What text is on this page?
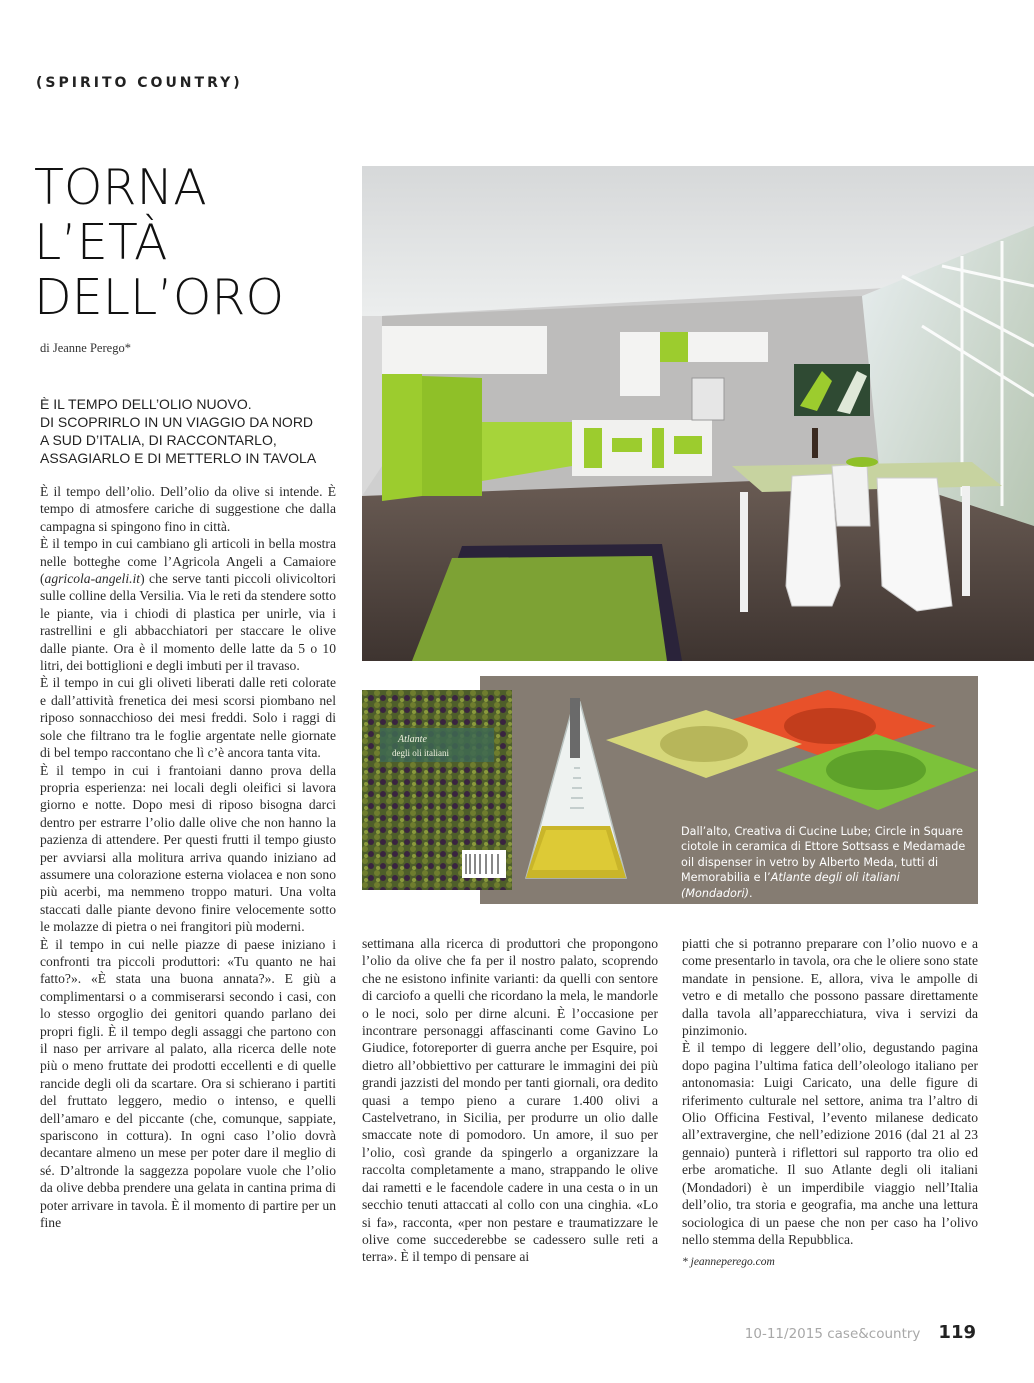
(SPIRITO COUNTRY)
TORNA
L’ETÀ
DELL’ORO
di Jeanne Perego*
È IL TEMPO DELL’OLIO NUOVO.
DI SCOPRIRLO IN UN VIAGGIO DA NORD
A SUD D’ITALIA, DI RACCONTARLO,
ASSAGIARLO E DI METTERLO IN TAVOLA
Atlante
degli oli italiani
Dall’alto, Creativa di Cucine Lube; Circle in Square ciotole in ceramica di Ettore Sottsass e Medamade oil dispenser in vetro by Alberto Meda, tutti di Memorabilia e l’Atlante degli oli italiani (Mondadori).

È il tempo dell’olio. Dell’olio da olive si intende. È tempo di atmosfere cariche di suggestione che dalla campagna si spingono fino in città.

È il tempo in cui cambiano gli articoli in bella mostra nelle botteghe come l’Agricola Angeli a Camaiore (agricola-angeli.it) che serve tanti piccoli olivicoltori sulle colline della Versilia. Via le reti da stendere sotto le piante, via i chiodi di plastica per unirle, via i rastrellini e gli abbacchiatori per staccare le olive dalle piante. Ora è il momento delle latte da 5 o 10 litri, dei bottiglioni e degli imbuti per il travaso.

È il tempo in cui gli oliveti liberati dalle reti colorate e dall’attività frenetica dei mesi scorsi piombano nel riposo sonnacchioso dei mesi freddi. Solo i raggi di sole che filtrano tra le foglie argentate nelle giornate di bel tempo raccontano che lì c’è ancora tanta vita.

È il tempo in cui i frantoiani danno prova della propria esperienza: nei locali degli oleifici si lavora giorno e notte. Dopo mesi di riposo bisogna darci dentro per estrarre l’olio dalle olive che non hanno la pazienza di attendere. Per questi frutti il tempo giusto per avviarsi alla molitura arriva quando iniziano ad assumere una colorazione esterna violacea e non sono più acerbi, ma nemmeno troppo maturi. Una volta staccati dalle piante devono finire velocemente sotto le molazze di pietra o nei frangitori più moderni.

È il tempo in cui nelle piazze di paese iniziano i confronti tra piccoli produttori: «Tu quanto ne hai fatto?». «È stata una buonа annata?». E giù a complimentarsi o a commiserarsi secondo i casi, con lo stesso orgoglio dei genitori quando parlano dei propri figli. È il tempo degli assaggi che partono con il naso per arrivare al palato, alla ricerca delle note più o meno fruttate dei prodotti eccellenti e di quelle rancide degli oli da scartare. Ora si schierano i partiti del fruttato leggero, medio o intenso, e quelli dell’amaro e del piccante (che, comunque, sappiate, spariscono in cottura). In ogni caso l’olio dovrà decantare almeno un mese per poter dare il meglio di sé. D’altronde la saggezza popolare vuole che l’olio da olive debba prendere una gelata in cantina prima di poter arrivare in tavola. È il momento di partire per un fine

settimana alla ricerca di produttori che propongono l’olio da olive che fa per il nostro palato, scoprendo che ne esistono infinite varianti: da quelli con sentore di carciofo a quelli che ricordano la mela, le mandorle o le noci, solo per dirne alcuni. È l’occasione per incontrare personaggi affascinanti come Gavino Lo Giudice, fotoreporter di guerra anche per Esquire, poi dietro all’obbiettivo per catturare le immagini dei più grandi jazzisti del mondo per tanti giornali, ora dedito quasi a tempo pieno a curare 1.400 olivi a Castelvetrano, in Sicilia, per produrre un olio dalle smaccate note di pomodoro. Un amore, il suo per l’olio, così grande da spingerlo a organizzare la raccolta completamente a mano, strappando le olive dai rametti e le facendole cadere in una cesta o in un secchio tenuti attaccati al collo con una cinghia. «Lo si fa», racconta, «per non pestare e traumatizzare le olive come succederebbe se cadessero sulle reti a terra». È il tempo di pensare ai

piatti che si potranno preparare con l’olio nuovo e a come presentarlo in tavola, ora che le oliere sono state mandate in pensione. E, allora, viva le ampolle di vetro e di metallo che possono passare direttamente dalla tavola all’apparecchiatura, viva i servizi da pinzimonio.

È il tempo di leggere dell’olio, degustando pagina dopo pagina l’ultima fatica dell’oleologo italiano per antonomasia: Luigi Caricato, una delle figure di riferimento culturale nel settore, anima tra l’altro di Olio Officina Festival, l’evento milanese dedicato all’extravergine, che nell’edizione 2016 (dal 21 al 23 gennaio) punterà i riflettori sul rapporto tra olio ed erbe aromatiche. Il suo Atlante degli oli italiani (Mondadori) è un imperdibile viaggio nell’Italia dell’olio, tra storia e geografia, ma anche una lettura sociologica di un paese che non per caso ha l’olivo nello stemma della Repubblica.

* jeanneperego.com
10-11/2015 case&country 119
